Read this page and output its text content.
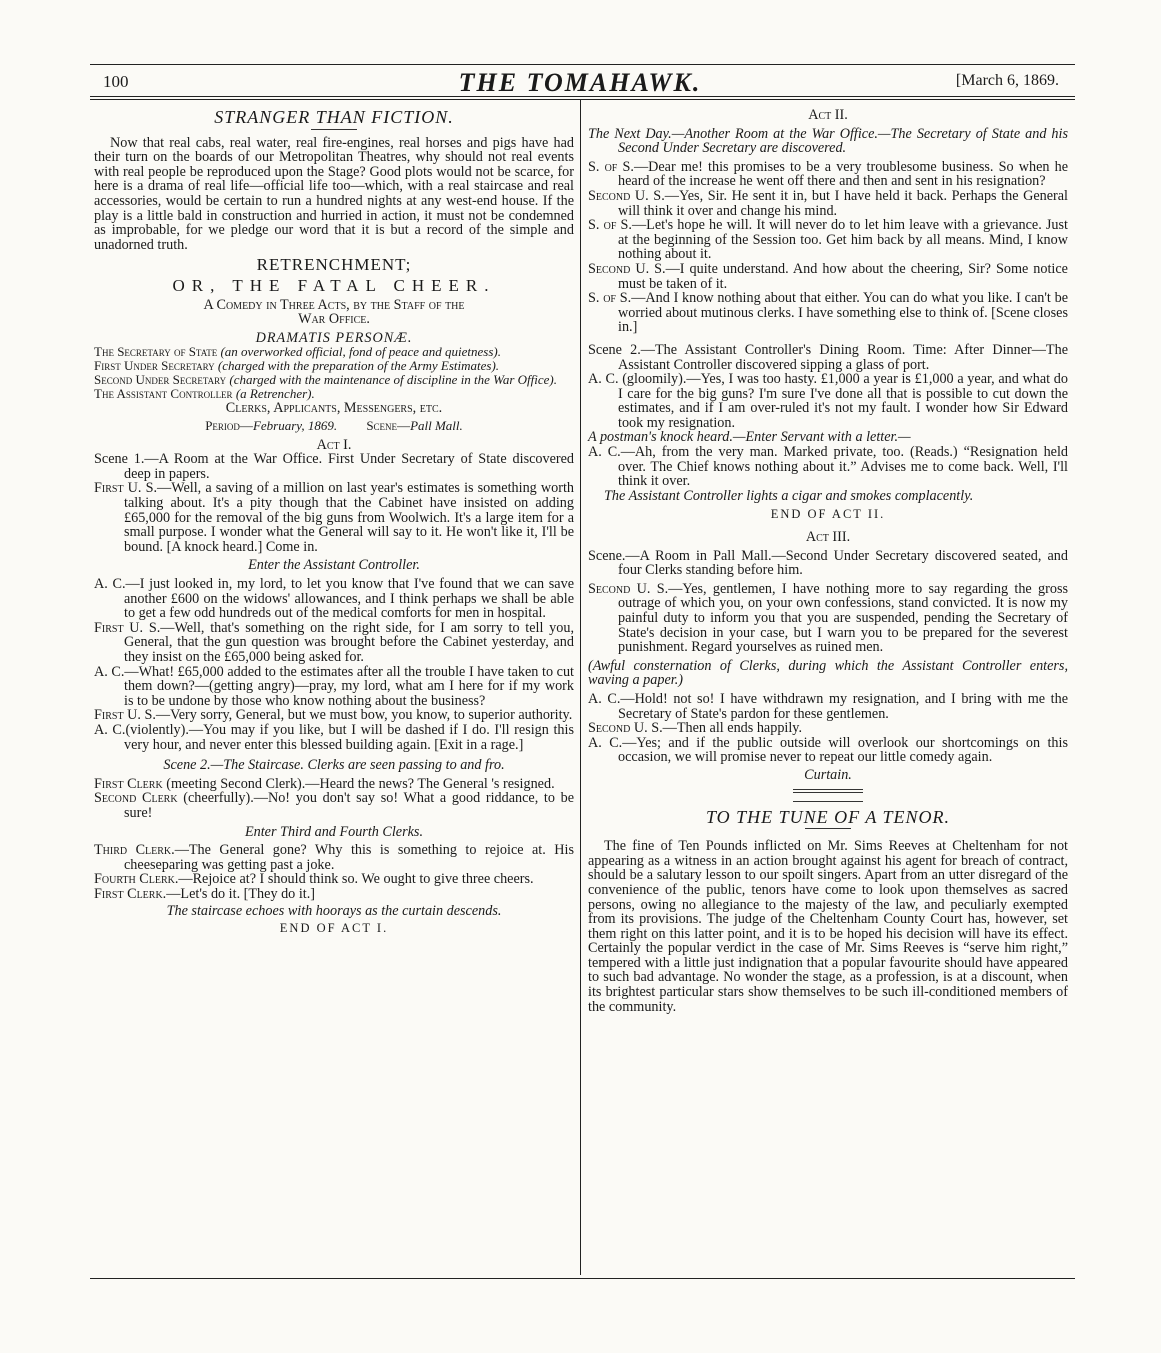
100	THE TOMAHAWK.	[March 6, 1869.
STRANGER THAN FICTION.

Now that real cabs, real water, real fire-engines, real horses and pigs have had their turn on the boards of our Metropolitan Theatres, why should not real events with real people be reproduced upon the Stage? Good plots would not be scarce, for here is a drama of real life—official life too—which, with a real staircase and real accessories, would be certain to run a hundred nights at any west-end house. If the play is a little bald in construction and hurried in action, it must not be condemned as improbable, for we pledge our word that it is but a record of the simple and unadorned truth.

RETRENCHMENT;
OR, THE FATAL CHEER.
A Comedy in Three Acts, by the Staff of the
War Office.
DRAMATIS PERSONÆ.

The Secretary of State (an overworked official, fond of peace and quietness).

First Under Secretary (charged with the preparation of the Army Estimates).

Second Under Secretary (charged with the maintenance of discipline in the War Office).

The Assistant Controller (a Retrencher).

Clerks, Applicants, Messengers, etc.
Period—February, 1869. Scene—Pall Mall.
Act I.

Scene 1.—A Room at the War Office. First Under Secretary of State discovered deep in papers.

First U. S.—Well, a saving of a million on last year's estimates is something worth talking about. It's a pity though that the Cabinet have insisted on adding £65,000 for the removal of the big guns from Woolwich. It's a large item for a small purpose. I wonder what the General will say to it. He won't like it, I'll be bound. [A knock heard.] Come in.

Enter the Assistant Controller.

A. C.—I just looked in, my lord, to let you know that I've found that we can save another £600 on the widows' allowances, and I think perhaps we shall be able to get a few odd hundreds out of the medical comforts for men in hospital.

First U. S.—Well, that's something on the right side, for I am sorry to tell you, General, that the gun question was brought before the Cabinet yesterday, and they insist on the £65,000 being asked for.

A. C.—What! £65,000 added to the estimates after all the trouble I have taken to cut them down?—(getting angry)—pray, my lord, what am I here for if my work is to be undone by those who know nothing about the business?

First U. S.—Very sorry, General, but we must bow, you know, to superior authority.

A. C.(violently).—You may if you like, but I will be dashed if I do. I'll resign this very hour, and never enter this blessed building again. [Exit in a rage.]

Scene 2.—The Staircase. Clerks are seen passing to and fro.

First Clerk (meeting Second Clerk).—Heard the news? The General 's resigned.

Second Clerk (cheerfully).—No! you don't say so! What a good riddance, to be sure!

Enter Third and Fourth Clerks.

Third Clerk.—The General gone? Why this is something to rejoice at. His cheeseparing was getting past a joke.

Fourth Clerk.—Rejoice at? I should think so. We ought to give three cheers.

First Clerk.—Let's do it. [They do it.]

The staircase echoes with hoorays as the curtain descends.
END OF ACT I.
Act II.

The Next Day.—Another Room at the War Office.—The Secretary of State and his Second Under Secretary are discovered.

S. of S.—Dear me! this promises to be a very troublesome business. So when he heard of the increase he went off there and then and sent in his resignation?

Second U. S.—Yes, Sir. He sent it in, but I have held it back. Perhaps the General will think it over and change his mind.

S. of S.—Let's hope he will. It will never do to let him leave with a grievance. Just at the beginning of the Session too. Get him back by all means. Mind, I know nothing about it.

Second U. S.—I quite understand. And how about the cheering, Sir? Some notice must be taken of it.

S. of S.—And I know nothing about that either. You can do what you like. I can't be worried about mutinous clerks. I have something else to think of. [Scene closes in.]

Scene 2.—The Assistant Controller's Dining Room. Time: After Dinner—The Assistant Controller discovered sipping a glass of port.

A. C. (gloomily).—Yes, I was too hasty. £1,000 a year is £1,000 a year, and what do I care for the big guns? I'm sure I've done all that is possible to cut down the estimates, and if I am over-ruled it's not my fault. I wonder how Sir Edward took my resignation.

A postman's knock heard.—Enter Servant with a letter.—

A. C.—Ah, from the very man. Marked private, too. (Reads.) “Resignation held over. The Chief knows nothing about it.” Advises me to come back. Well, I'll think it over.

The Assistant Controller lights a cigar and smokes complacently.

END OF ACT II.
Act III.

Scene.—A Room in Pall Mall.—Second Under Secretary discovered seated, and four Clerks standing before him.

Second U. S.—Yes, gentlemen, I have nothing more to say regarding the gross outrage of which you, on your own confessions, stand convicted. It is now my painful duty to inform you that you are suspended, pending the Secretary of State's decision in your case, but I warn you to be prepared for the severest punishment. Regard yourselves as ruined men.

(Awful consternation of Clerks, during which the Assistant Controller enters, waving a paper.)

A. C.—Hold! not so! I have withdrawn my resignation, and I bring with me the Secretary of State's pardon for these gentlemen.

Second U. S.—Then all ends happily.

A. C.—Yes; and if the public outside will overlook our shortcomings on this occasion, we will promise never to repeat our little comedy again.

Curtain.
TO THE TUNE OF A TENOR.

The fine of Ten Pounds inflicted on Mr. Sims Reeves at Cheltenham for not appearing as a witness in an action brought against his agent for breach of contract, should be a salutary lesson to our spoilt singers. Apart from an utter disregard of the convenience of the public, tenors have come to look upon themselves as sacred persons, owing no allegiance to the majesty of the law, and peculiarly exempted from its provisions. The judge of the Cheltenham County Court has, however, set them right on this latter point, and it is to be hoped his decision will have its effect. Certainly the popular verdict in the case of Mr. Sims Reeves is “serve him right,” tempered with a little just indignation that a popular favourite should have appeared to such bad advantage. No wonder the stage, as a profession, is at a discount, when its brightest particular stars show themselves to be such ill-conditioned members of the community.
